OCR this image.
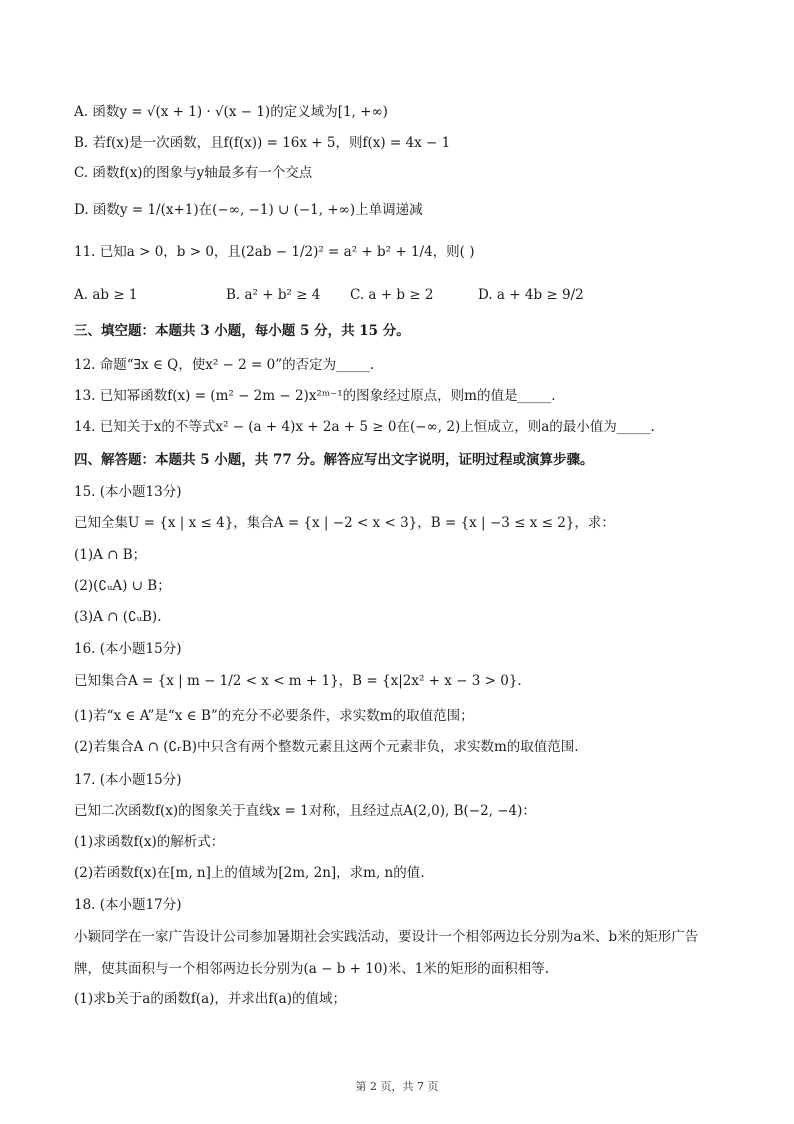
A. 函数y = √(x + 1) · √(x − 1)的定义域为[1, +∞)
B. 若f(x)是一次函数，且f(f(x)) = 16x + 5，则f(x) = 4x − 1
C. 函数f(x)的图象与y轴最多有一个交点
D. 函数y = 1/(x+1)在(−∞, −1) ∪ (−1, +∞)上单调递减
11. 已知a > 0，b > 0，且(2ab − 1/2)² = a² + b² + 1/4，则( )
A. ab ≥ 1	B. a² + b² ≥ 4 C. a + b ≥ 2	D. a + 4b ≥ 9/2
三、填空题：本题共 3 小题，每小题 5 分，共 15 分。
12. 命题“∃x ∈ Q，使x² − 2 = 0”的否定为_____.
13. 已知幂函数f(x) = (m² − 2m − 2)x²ᵐ⁻¹的图象经过原点，则m的值是_____.
14. 已知关于x的不等式x² − (a + 4)x + 2a + 5 ≥ 0在(−∞, 2)上恒成立，则a的最小值为_____.
四、解答题：本题共 5 小题，共 77 分。解答应写出文字说明，证明过程或演算步骤。
15. (本小题13分)
已知全集U = {x | x ≤ 4}，集合A = {x | −2 < x < 3}，B = {x | −3 ≤ x ≤ 2}，求：
(1)A ∩ B；
(2)(∁ᵤA) ∪ B；
(3)A ∩ (∁ᵤB).
16. (本小题15分)
已知集合A = {x | m − 1/2 < x < m + 1}，B = {x|2x² + x − 3 > 0}.
(1)若“x ∈ A”是“x ∈ B”的充分不必要条件，求实数m的取值范围；
(2)若集合A ∩ (∁ᵣB)中只含有两个整数元素且这两个元素非负，求实数m的取值范围.
17. (本小题15分)
已知二次函数f(x)的图象关于直线x = 1对称，且经过点A(2,0), B(−2, −4)：
(1)求函数f(x)的解析式：
(2)若函数f(x)在[m, n]上的值域为[2m, 2n]，求m, n的值.
18. (本小题17分)
小颖同学在一家广告设计公司参加暑期社会实践活动，要设计一个相邻两边长分别为a米、b米的矩形广告
牌，使其面积与一个相邻两边长分别为(a − b + 10)米、1米的矩形的面积相等.
(1)求b关于a的函数f(a)，并求出f(a)的值域；
第 2 页，共 7 页
